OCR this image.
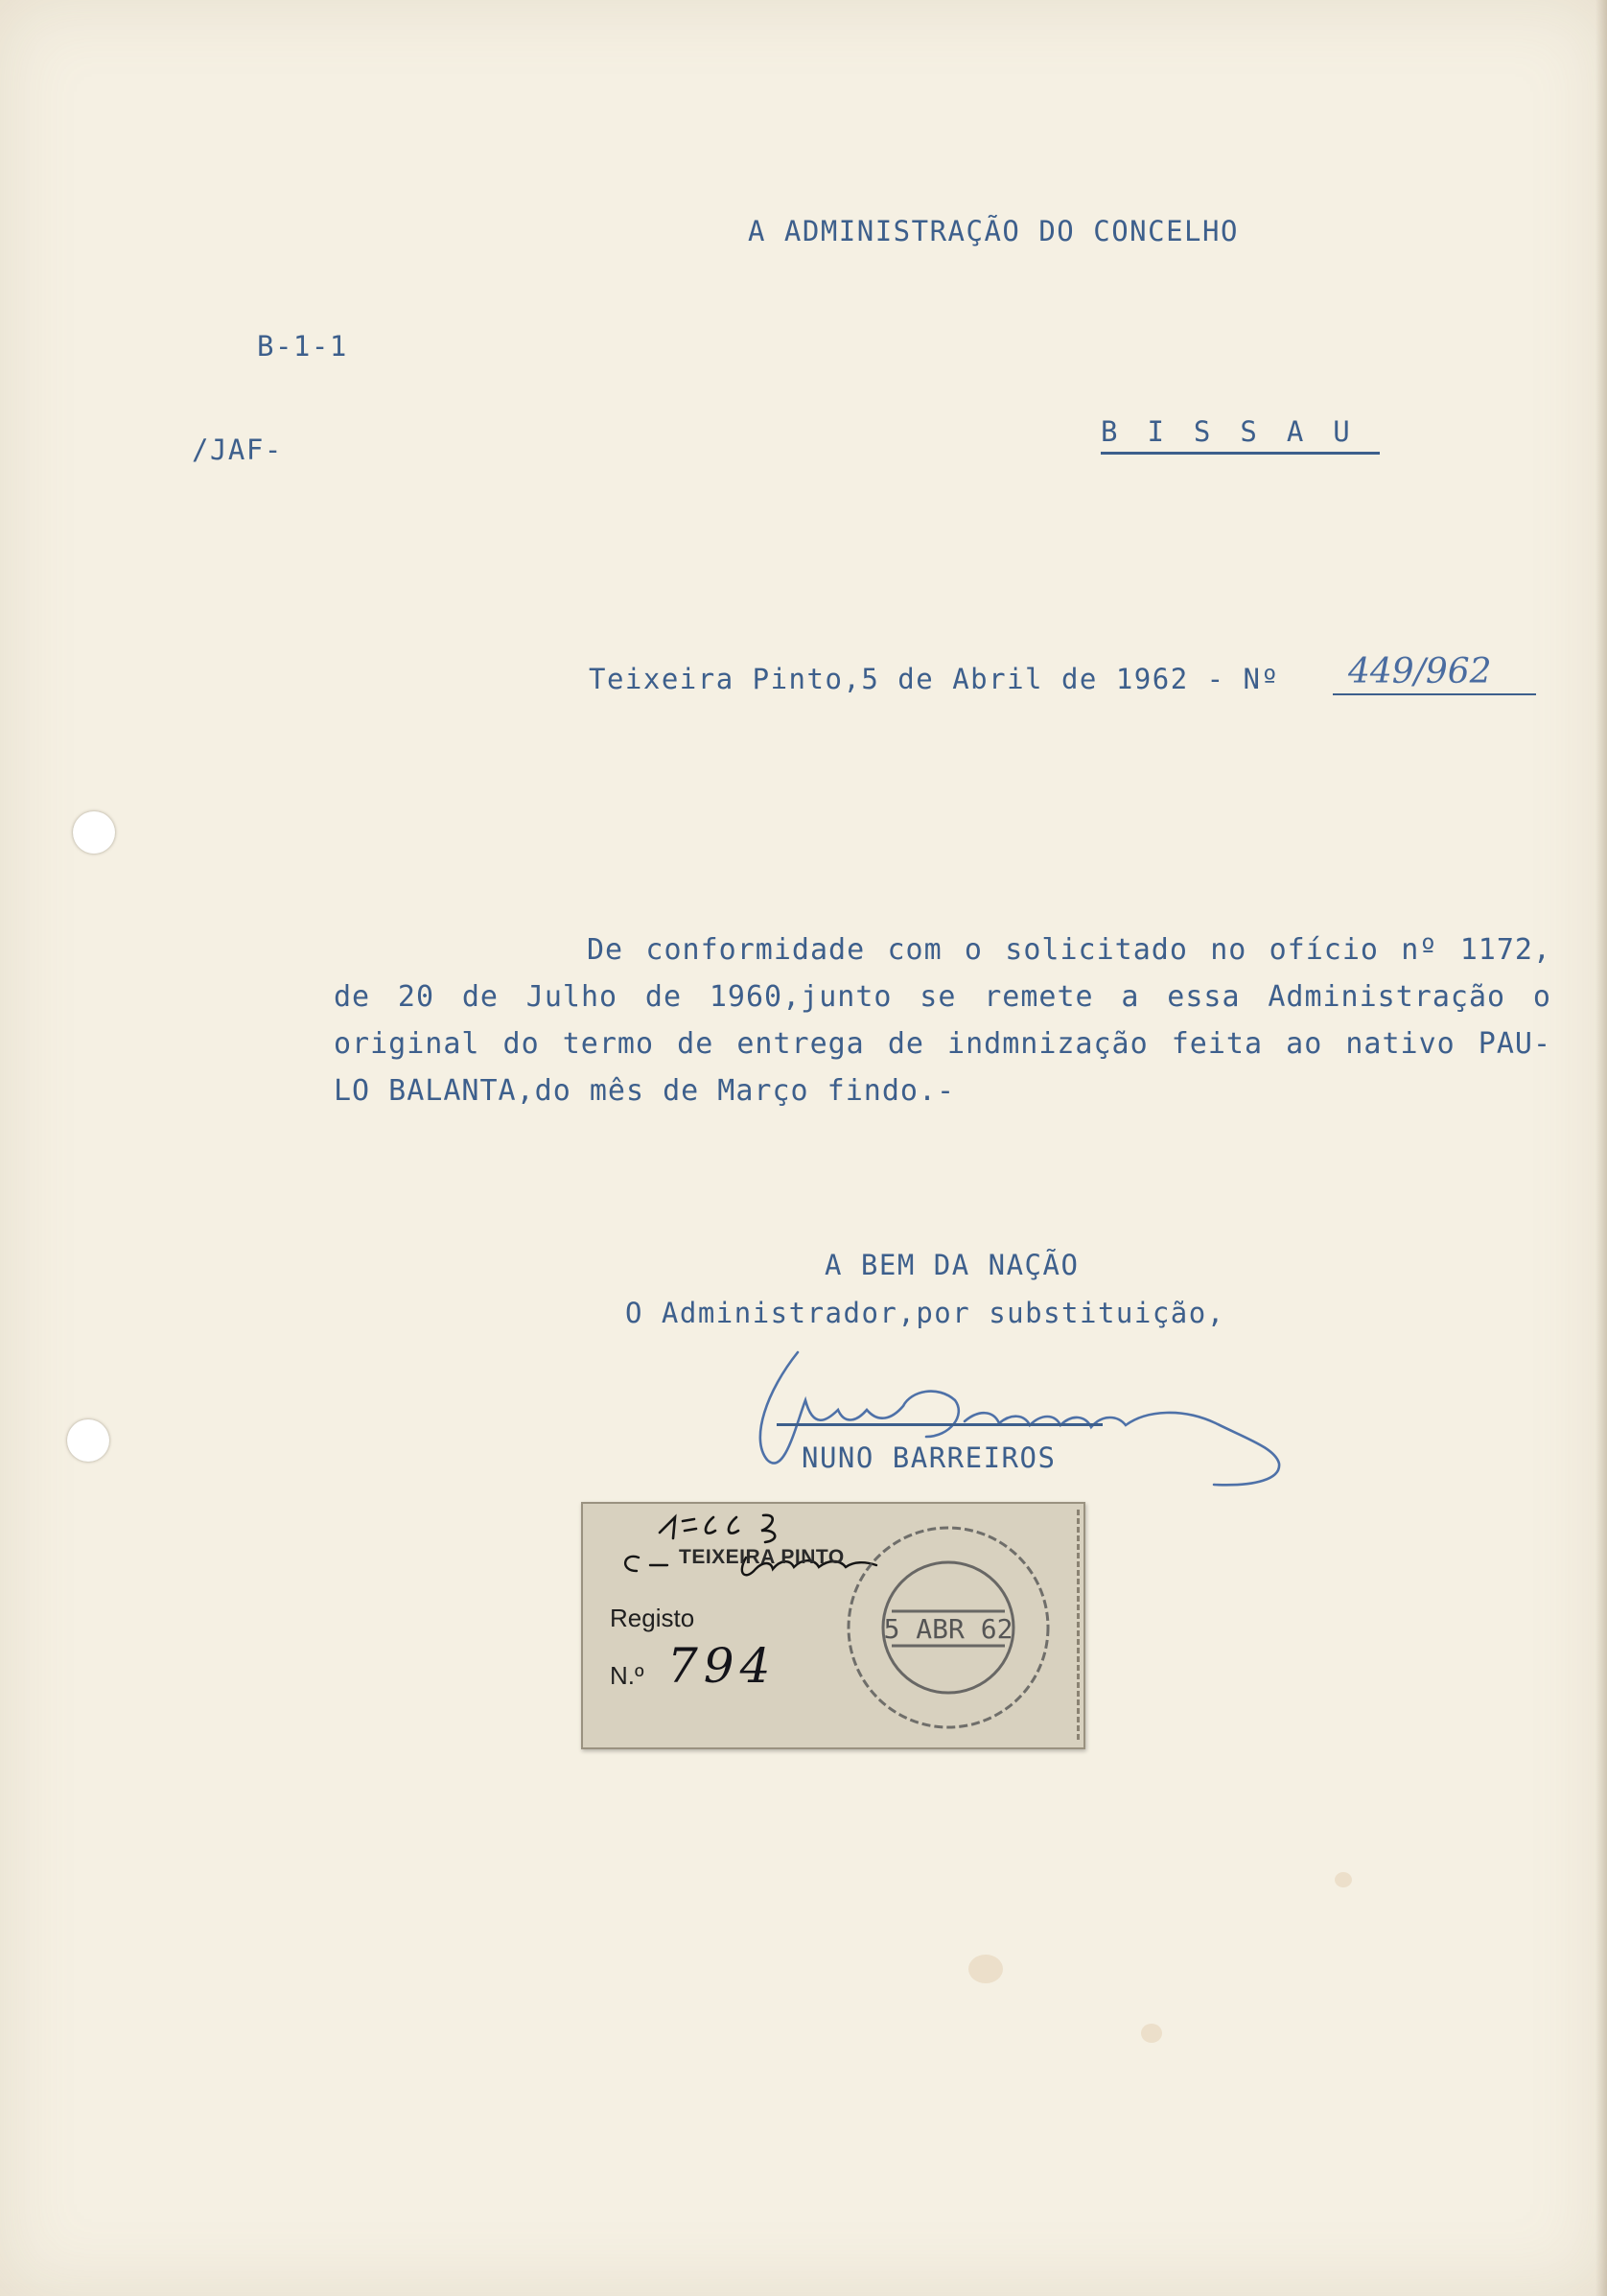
A ADMINISTRAÇÃO DO CONCELHO
B-1-1
/JAF-
BISSAU
Teixeira Pinto,5 de Abril de 1962 - Nº 449/962
De conformidade com o solicitado no ofício nº 1172,
de 20 de Julho de 1960,junto se remete a essa Administração o
original do termo de entrega de indmnização feita ao nativo PAU-
LO BALANTA,do mês de Março findo.-
A BEM DA NAÇÃO
O Administrador,por substituição,
NUNO BARREIROS
TEIXEIRA PINTO
Registo
N.º 794
5 ABR 62
